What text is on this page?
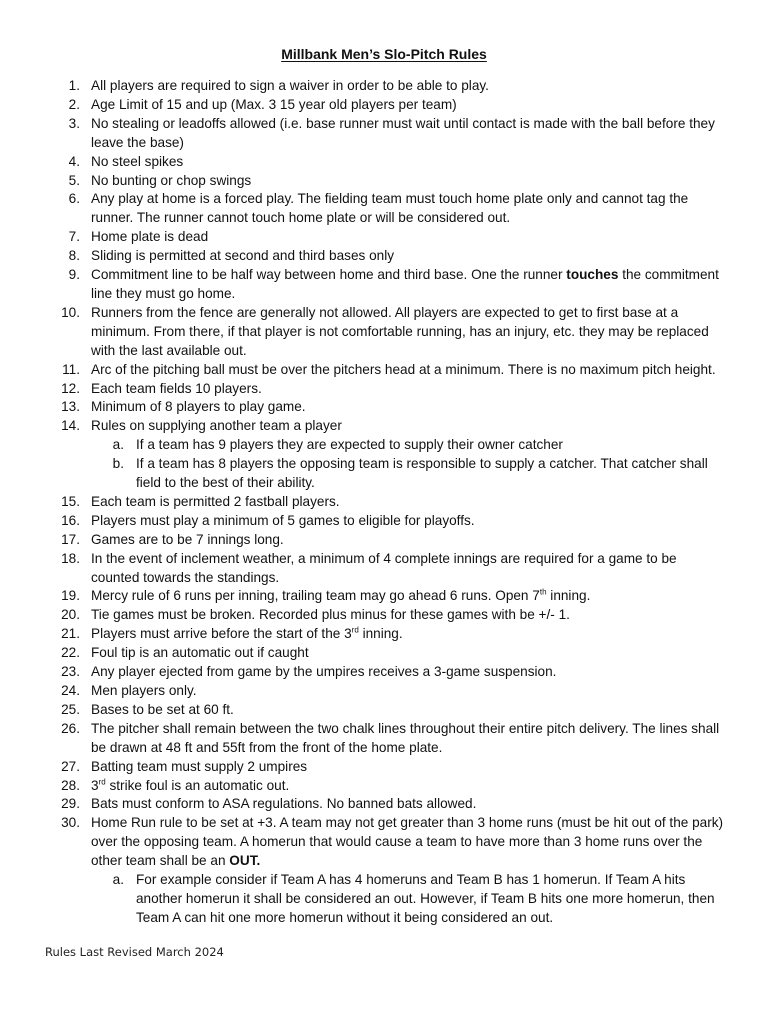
Millbank Men’s Slo-Pitch Rules
1. All players are required to sign a waiver in order to be able to play.
2. Age Limit of 15 and up (Max. 3 15 year old players per team)
3. No stealing or leadoffs allowed (i.e. base runner must wait until contact is made with the ball before they leave the base)
4. No steel spikes
5. No bunting or chop swings
6. Any play at home is a forced play. The fielding team must touch home plate only and cannot tag the runner. The runner cannot touch home plate or will be considered out.
7. Home plate is dead
8. Sliding is permitted at second and third bases only
9. Commitment line to be half way between home and third base. One the runner touches the commitment line they must go home.
10. Runners from the fence are generally not allowed. All players are expected to get to first base at a minimum. From there, if that player is not comfortable running, has an injury, etc. they may be replaced with the last available out.
11. Arc of the pitching ball must be over the pitchers head at a minimum. There is no maximum pitch height.
12. Each team fields 10 players.
13. Minimum of 8 players to play game.
14. Rules on supplying another team a player
a. If a team has 9 players they are expected to supply their owner catcher
b. If a team has 8 players the opposing team is responsible to supply a catcher. That catcher shall field to the best of their ability.
15. Each team is permitted 2 fastball players.
16. Players must play a minimum of 5 games to eligible for playoffs.
17. Games are to be 7 innings long.
18. In the event of inclement weather, a minimum of 4 complete innings are required for a game to be counted towards the standings.
19. Mercy rule of 6 runs per inning, trailing team may go ahead 6 runs. Open 7th inning.
20. Tie games must be broken. Recorded plus minus for these games with be +/- 1.
21. Players must arrive before the start of the 3rd inning.
22. Foul tip is an automatic out if caught
23. Any player ejected from game by the umpires receives a 3-game suspension.
24. Men players only.
25. Bases to be set at 60 ft.
26. The pitcher shall remain between the two chalk lines throughout their entire pitch delivery. The lines shall be drawn at 48 ft and 55ft from the front of the home plate.
27. Batting team must supply 2 umpires
28. 3rd strike foul is an automatic out.
29. Bats must conform to ASA regulations. No banned bats allowed.
30. Home Run rule to be set at +3. A team may not get greater than 3 home runs (must be hit out of the park) over the opposing team. A homerun that would cause a team to have more than 3 home runs over the other team shall be an OUT.
a. For example consider if Team A has 4 homeruns and Team B has 1 homerun. If Team A hits another homerun it shall be considered an out. However, if Team B hits one more homerun, then Team A can hit one more homerun without it being considered an out.
Rules Last Revised March 2024
